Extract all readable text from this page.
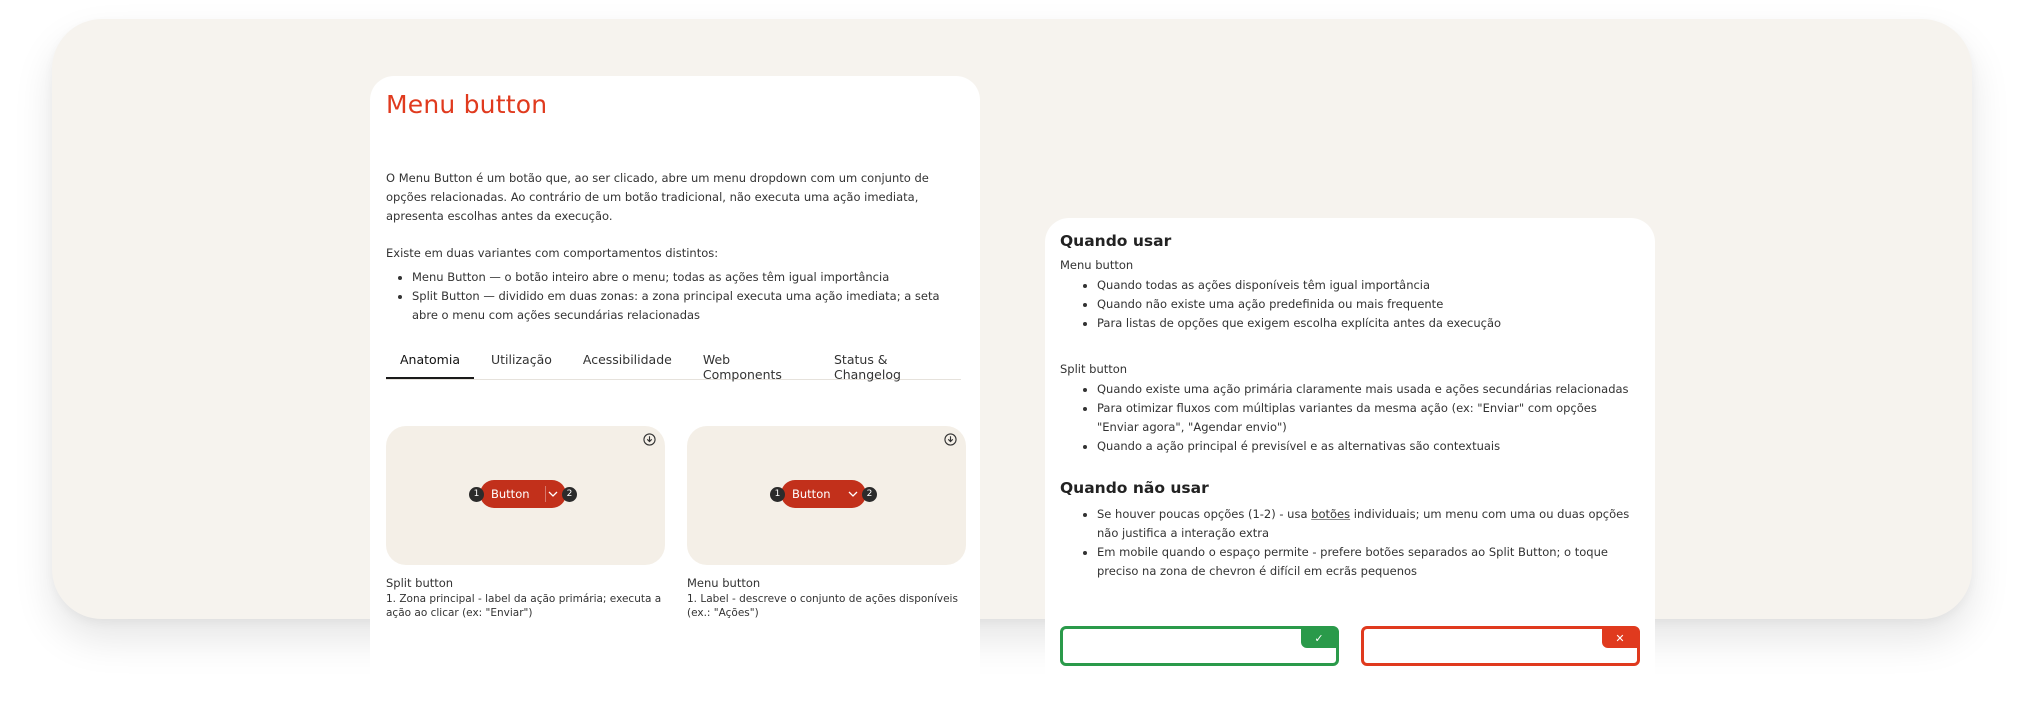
Menu button

O Menu Button é um botão que, ao ser clicado, abre um menu dropdown com um conjunto de opções relacionadas. Ao contrário de um botão tradicional, não executa uma ação imediata, apresenta escolhas antes da execução.

Existe em duas variantes com comportamentos distintos:

• Menu Button — o botão inteiro abre o menu; todas as ações têm igual importância
• Split Button — dividido em duas zonas: a zona principal executa uma ação imediata; a seta abre o menu com ações secundárias relacionadas
Anatomia	Utilização	Acessibilidade	Web Components
Status & Changelog
1	Button	2
Split button
1. Zona principal - label da ação primária; executa a ação ao clicar (ex: "Enviar")
1	Button	2
Menu button
1. Label - descreve o conjunto de ações disponíveis (ex.: "Ações")
Quando usar
Menu button
• Quando todas as ações disponíveis têm igual importância
• Quando não existe uma ação predefinida ou mais frequente
• Para listas de opções que exigem escolha explícita antes da execução
Split button
• Quando existe uma ação primária claramente mais usada e ações secundárias relacionadas
• Para otimizar fluxos com múltiplas variantes da mesma ação (ex: "Enviar" com opções "Enviar agora", "Agendar envio")
• Quando a ação principal é previsível e as alternativas são contextuais
Quando não usar
• Se houver poucas opções (1-2) - usa botões individuais; um menu com uma ou duas opções não justifica a interação extra
• Em mobile quando o espaço permite - prefere botões separados ao Split Button; o toque preciso na zona de chevron é difícil em ecrãs pequenos
✓	✕
